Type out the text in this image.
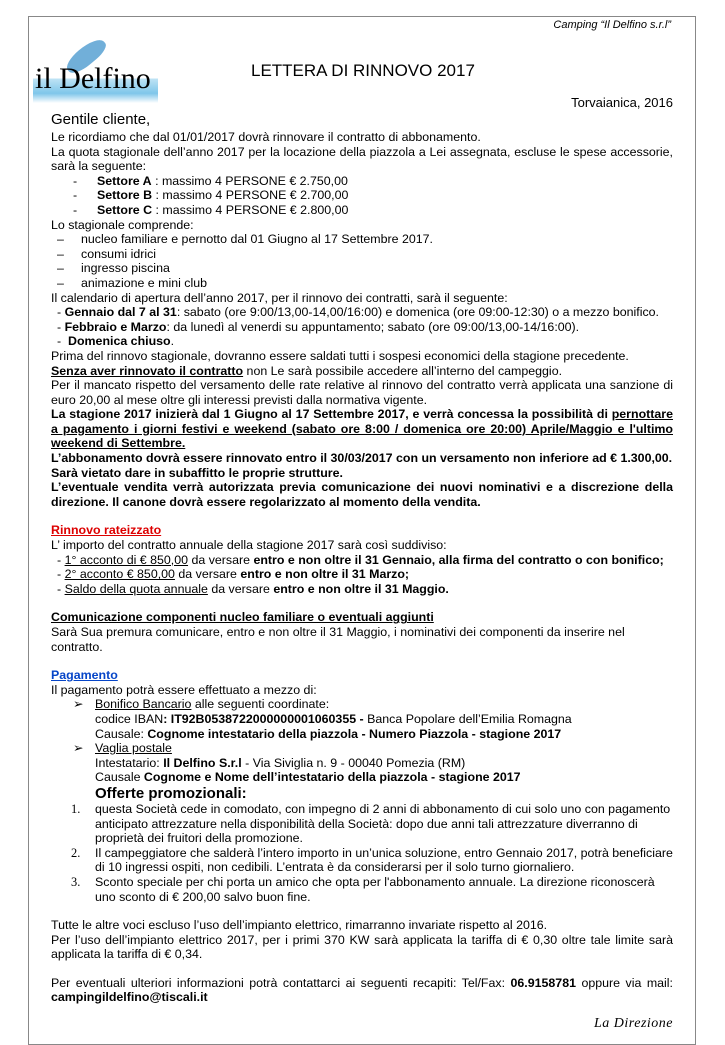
Camping “Il Delfino s.r.l”
il Delfino	LETTERA DI RINNOVO 2017
Torvaianica, 2016
Gentile cliente,

Le ricordiamo che dal 01/01/2017 dovrà rinnovare il contratto di abbonamento.

La quota stagionale dell’anno 2017 per la locazione della piazzola a Lei assegnata, escluse le spese accessorie, sarà la seguente:

- Settore A : massimo 4 PERSONE € 2.750,00

- Settore B : massimo 4 PERSONE € 2.700,00

- Settore C : massimo 4 PERSONE € 2.800,00

Lo stagionale comprende:

– nucleo familiare e pernotto dal 01 Giugno al 17 Settembre 2017.

– consumi idrici

– ingresso piscina

– animazione e mini club

Il calendario di apertura dell’anno 2017, per il rinnovo dei contratti, sarà il seguente:

- Gennaio dal 7 al 31: sabato (ore 9:00/13,00-14,00/16:00) e domenica (ore 09:00-12:30) o a mezzo bonifico.

- Febbraio e Marzo: da lunedì al venerdi su appuntamento; sabato (ore 09:00/13,00-14/16:00).

-  Domenica chiuso.

Prima del rinnovo stagionale, dovranno essere saldati tutti i sospesi economici della stagione precedente.

Senza aver rinnovato il contratto non Le sarà possibile accedere all’interno del campeggio.

Per il mancato rispetto del versamento delle rate relative al rinnovo del contratto verrà applicata una sanzione di euro 20,00 al mese oltre gli interessi previsti dalla normativa vigente.

La stagione 2017 inizierà dal 1 Giugno al 17 Settembre 2017, e verrà concessa la possibilità di pernottare a pagamento i giorni festivi e weekend (sabato ore 8:00 / domenica ore 20:00) Aprile/Maggio e l'ultimo weekend di Settembre.

L’abbonamento dovrà essere rinnovato entro il 30/03/2017 con un versamento non inferiore ad € 1.300,00.

Sarà vietato dare in subaffitto le proprie strutture.

L’eventuale vendita verrà autorizzata previa comunicazione dei nuovi nominativi e a discrezione della direzione. Il canone dovrà essere regolarizzato al momento della vendita.

Rinnovo rateizzato

L’ importo del contratto annuale della stagione 2017 sarà così suddiviso:

- 1° acconto di € 850,00 da versare entro e non oltre il 31 Gennaio, alla firma del contratto o con bonifico;

- 2° acconto € 850,00 da versare entro e non oltre il 31 Marzo;

- Saldo della quota annuale da versare entro e non oltre il 31 Maggio.

Comunicazione componenti nucleo familiare o eventuali aggiunti

Sarà Sua premura comunicare, entro e non oltre il 31 Maggio, i nominativi dei componenti da inserire nel contratto.

Pagamento

Il pagamento potrà essere effettuato a mezzo di:

➢ Bonifico Bancario alle seguenti coordinate:

codice IBAN: IT92B0538722000000001060355 - Banca Popolare dell’Emilia Romagna

Causale: Cognome intestatario della piazzola - Numero Piazzola - stagione 2017

➢ Vaglia postale

Intestatario: Il Delfino S.r.l - Via Siviglia n. 9 - 00040 Pomezia (RM)

Causale Cognome e Nome dell’intestatario della piazzola - stagione 2017

Offerte promozionali:

1.	questa Società cede in comodato, con impegno di 2 anni di abbonamento di cui solo uno con pagamento anticipato attrezzature nella disponibilità della Società: dopo due anni tali attrezzature diverranno di proprietà dei fruitori della promozione.
2.	Il campeggiatore che salderà l’intero importo in un’unica soluzione, entro Gennaio 2017, potrà beneficiare di 10 ingressi ospiti, non cedibili. L’entrata è da considerarsi per il solo turno giornaliero.
3.	Sconto speciale per chi porta un amico che opta per l'abbonamento annuale. La direzione riconoscerà uno sconto di € 200,00 salvo buon fine.

Tutte le altre voci escluso l’uso dell’impianto elettrico, rimarranno invariate rispetto al 2016.

Per l’uso dell’impianto elettrico 2017, per i primi 370 KW sarà applicata la tariffa di € 0,30 oltre tale limite sarà applicata la tariffa di € 0,34.

Per eventuali ulteriori informazioni potrà contattarci ai seguenti recapiti: Tel/Fax: 06.9158781 oppure via mail: campingildelfino@tiscali.it

La Direzione
